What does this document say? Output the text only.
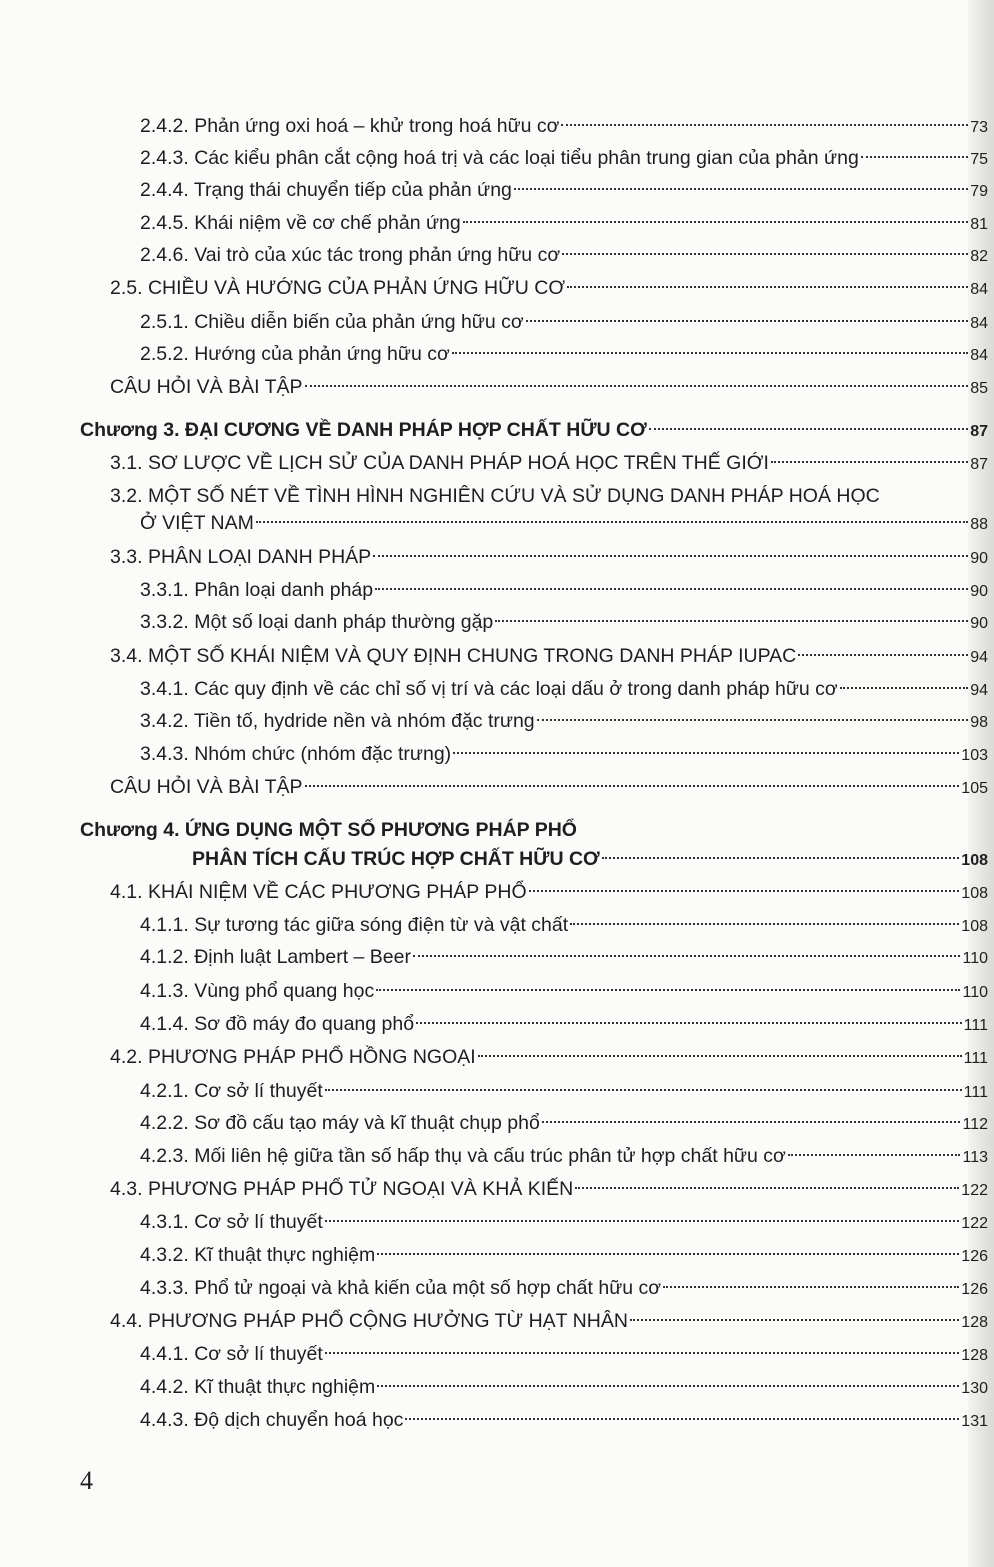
2.4.2. Phản ứng oxi hoá – khử trong hoá hữu cơ	73
2.4.3. Các kiểu phân cắt cộng hoá trị và các loại tiểu phân trung gian của phản ứng	75
2.4.4. Trạng thái chuyển tiếp của phản ứng	79
2.4.5. Khái niệm về cơ chế phản ứng	81
2.4.6. Vai trò của xúc tác trong phản ứng hữu cơ	82
2.5. CHIỀU VÀ HƯỚNG CỦA PHẢN ỨNG HỮU CƠ	84
2.5.1. Chiều diễn biến của phản ứng hữu cơ	84
2.5.2. Hướng của phản ứng hữu cơ	84
CÂU HỎI VÀ BÀI TẬP	85
Chương 3. ĐẠI CƯƠNG VỀ DANH PHÁP HỢP CHẤT HỮU CƠ	87
3.1. SƠ LƯỢC VỀ LỊCH SỬ CỦA DANH PHÁP HOÁ HỌC TRÊN THẾ GIỚI	87
3.2. MỘT SỐ NÉT VỀ TÌNH HÌNH NGHIÊN CỨU VÀ SỬ DỤNG DANH PHÁP HOÁ HỌC
Ở VIỆT NAM	88
3.3. PHÂN LOẠI DANH PHÁP	90
3.3.1. Phân loại danh pháp	90
3.3.2. Một số loại danh pháp thường gặp	90
3.4. MỘT SỐ KHÁI NIỆM VÀ QUY ĐỊNH CHUNG TRONG DANH PHÁP IUPAC	94
3.4.1. Các quy định về các chỉ số vị trí và các loại dấu ở trong danh pháp hữu cơ	94
3.4.2. Tiền tố, hydride nền và nhóm đặc trưng	98
3.4.3. Nhóm chức (nhóm đặc trưng)	103
CÂU HỎI VÀ BÀI TẬP	105
Chương 4. ỨNG DỤNG MỘT SỐ PHƯƠNG PHÁP PHỔ
PHÂN TÍCH CẤU TRÚC HỢP CHẤT HỮU CƠ	108
4.1. KHÁI NIỆM VỀ CÁC PHƯƠNG PHÁP PHỔ	108
4.1.1. Sự tương tác giữa sóng điện từ và vật chất	108
4.1.2. Định luật Lambert – Beer	110
4.1.3. Vùng phổ quang học	110
4.1.4. Sơ đồ máy đo quang phổ	111
4.2. PHƯƠNG PHÁP PHỔ HỒNG NGOẠI	111
4.2.1. Cơ sở lí thuyết	111
4.2.2. Sơ đồ cấu tạo máy và kĩ thuật chụp phổ	112
4.2.3. Mối liên hệ giữa tần số hấp thụ và cấu trúc phân tử hợp chất hữu cơ	113
4.3. PHƯƠNG PHÁP PHỔ TỬ NGOẠI VÀ KHẢ KIẾN	122
4.3.1. Cơ sở lí thuyết	122
4.3.2. Kĩ thuật thực nghiệm	126
4.3.3. Phổ tử ngoại và khả kiến của một số hợp chất hữu cơ	126
4.4. PHƯƠNG PHÁP PHỔ CỘNG HƯỞNG TỪ HẠT NHÂN	128
4.4.1. Cơ sở lí thuyết	128
4.4.2. Kĩ thuật thực nghiệm	130
4.4.3. Độ dịch chuyển hoá học	131
4
